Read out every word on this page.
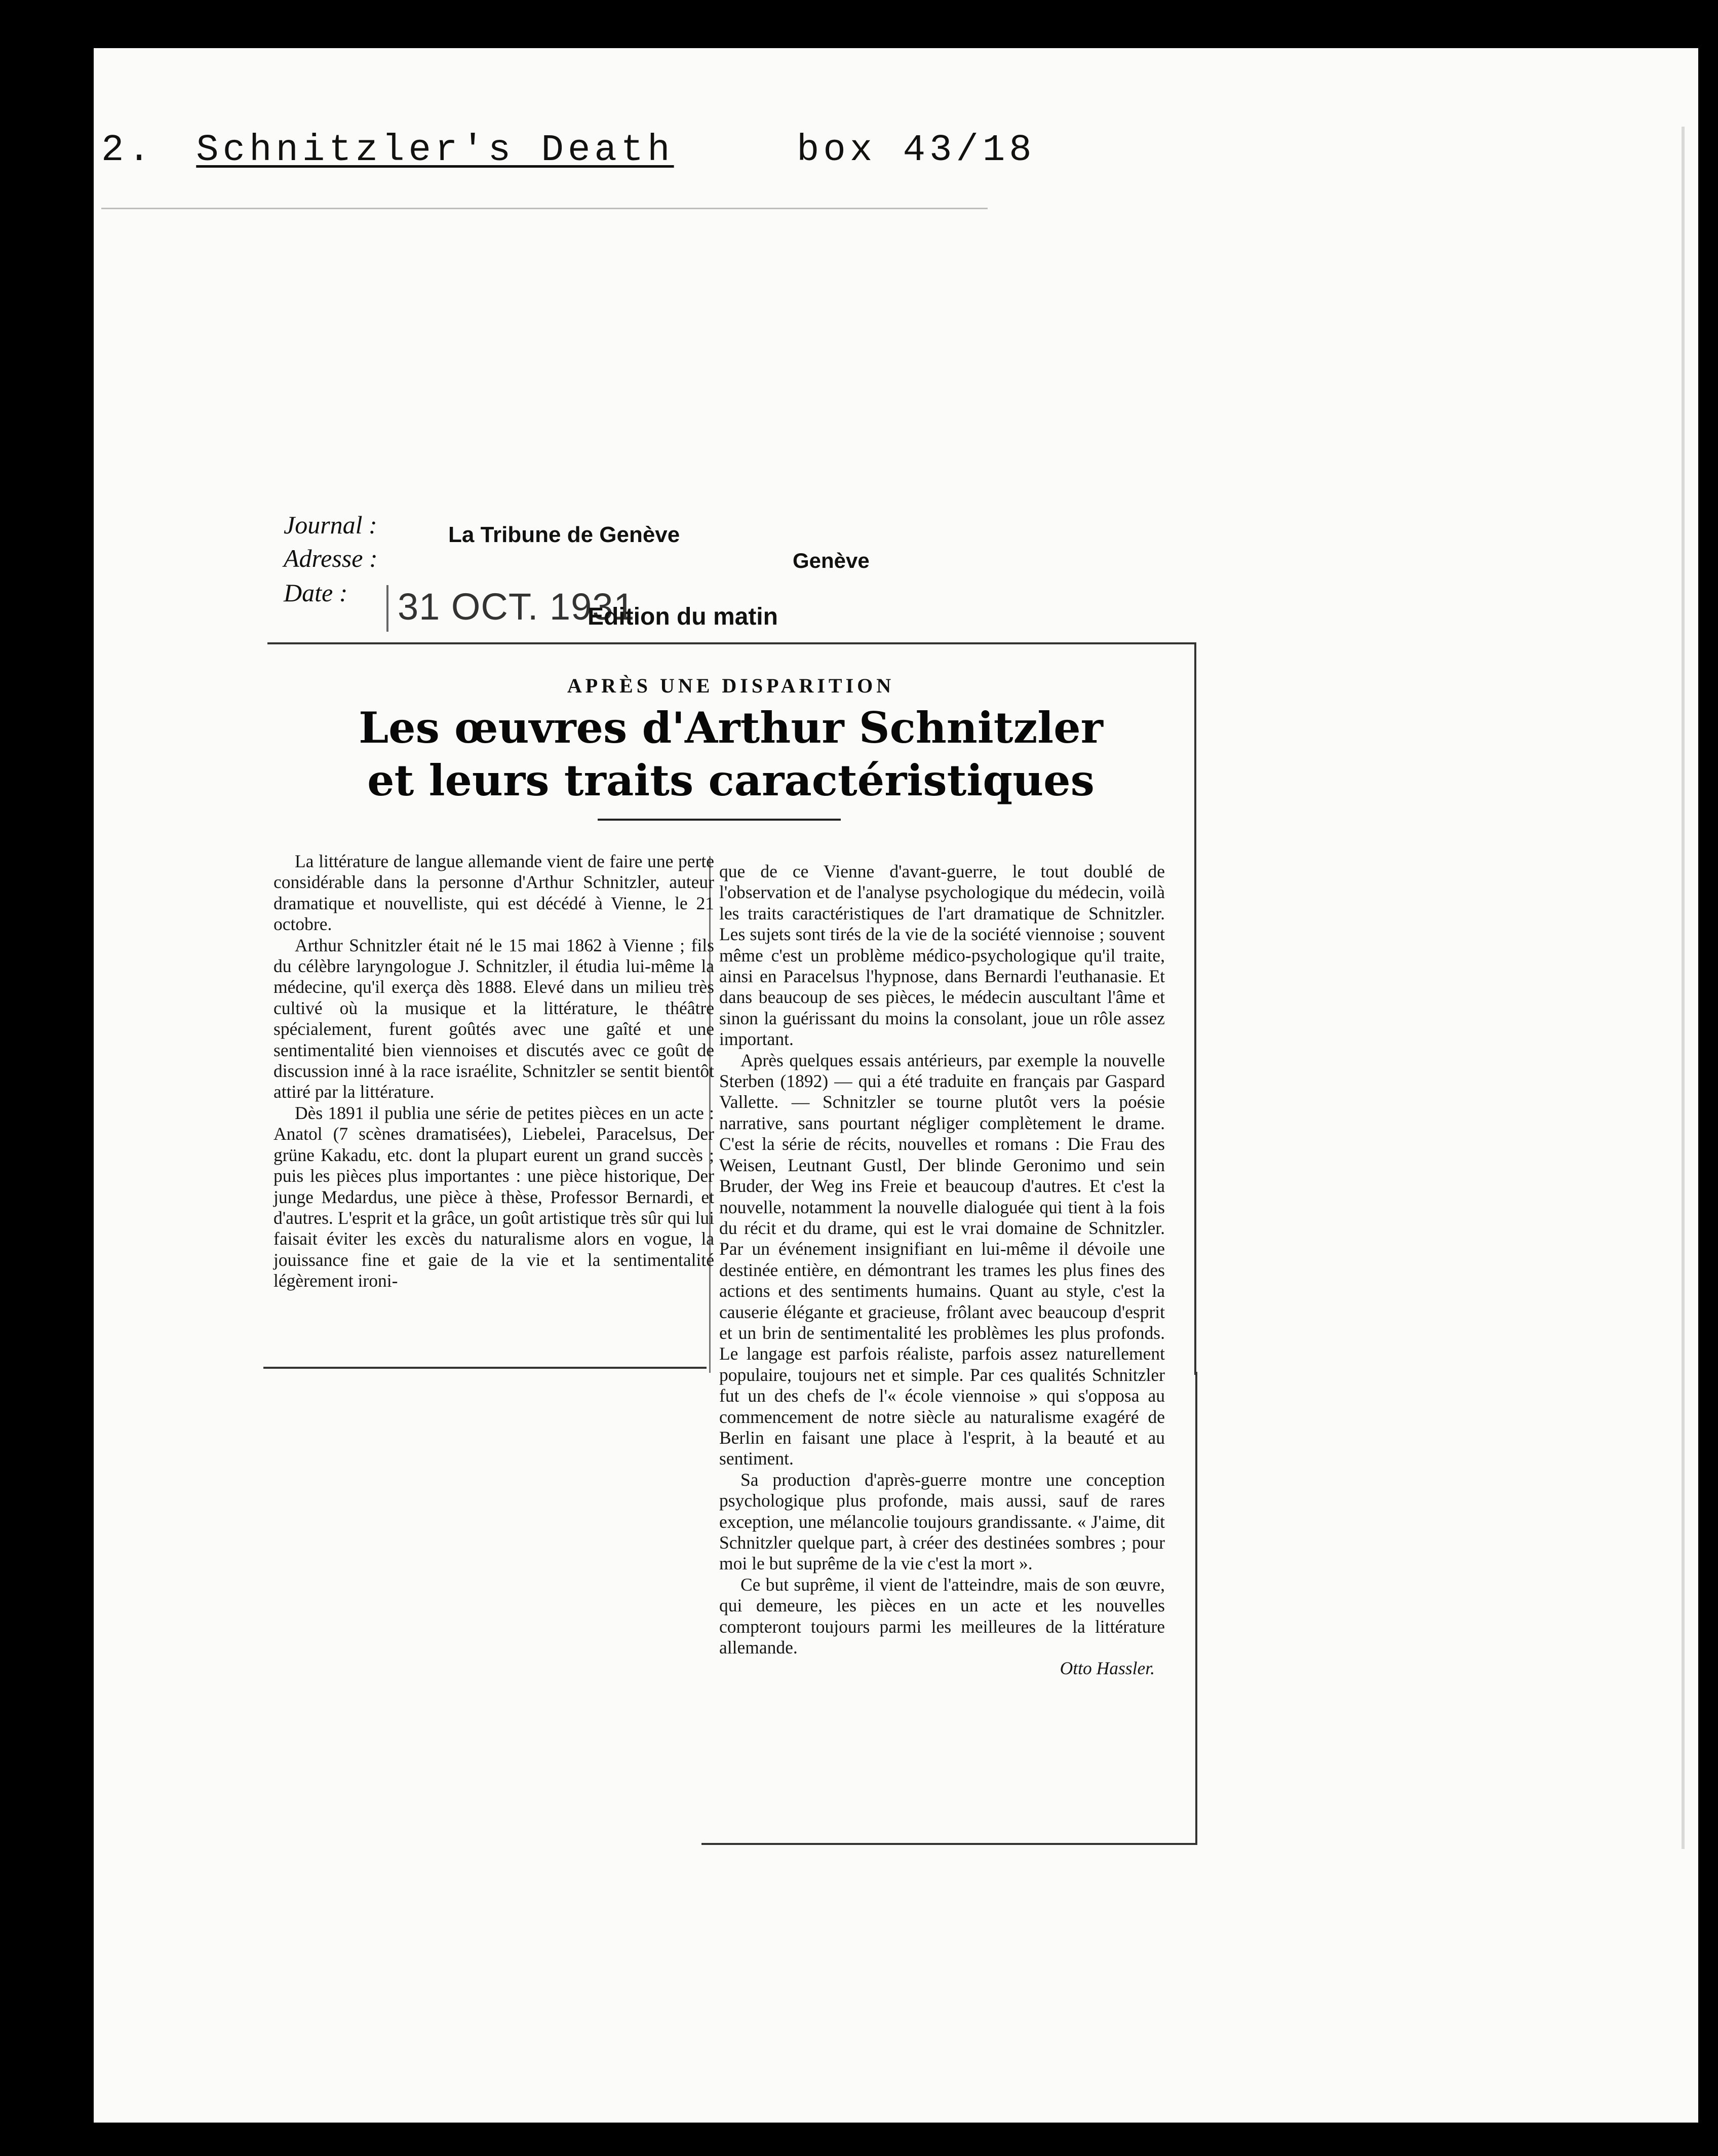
2. Schnitzler's Death	box 43/18
Journal :	La Tribune de Genève
Adresse :	Genève
Date : 31 OCT. 1931
Edition du matin
APRÈS UNE DISPARITION
Les œuvres d'Arthur Schnitzler
et leurs traits caractéristiques

La littérature de langue allemande vient de faire une perte considérable dans la personne d'Arthur Schnitzler, auteur dramatique et nouvelliste, qui est décédé à Vienne, le 21 octobre.

Arthur Schnitzler était né le 15 mai 1862 à Vienne ; fils du célèbre laryngologue J. Schnitzler, il étudia lui-même la médecine, qu'il exerça dès 1888. Elevé dans un milieu très cultivé où la musique et la littérature, le théâtre spécialement, furent goûtés avec une gaîté et une sentimentalité bien viennoises et discutés avec ce goût de discussion inné à la race israélite, Schnitzler se sentit bientôt attiré par la littérature.

Dès 1891 il publia une série de petites pièces en un acte : Anatol (7 scènes dramatisées), Liebelei, Paracelsus, Der grüne Kakadu, etc. dont la plupart eurent un grand succès ; puis les pièces plus importantes : une pièce historique, Der junge Medardus, une pièce à thèse, Professor Bernardi, et d'autres. L'esprit et la grâce, un goût artistique très sûr qui lui faisait éviter les excès du naturalisme alors en vogue, la jouissance fine et gaie de la vie et la sentimentalité légèrement ironi-

que de ce Vienne d'avant-guerre, le tout doublé de l'observation et de l'analyse psychologique du médecin, voilà les traits caractéristiques de l'art dramatique de Schnitzler. Les sujets sont tirés de la vie de la société viennoise ; souvent même c'est un problème médico-psychologique qu'il traite, ainsi en Paracelsus l'hypnose, dans Bernardi l'euthanasie. Et dans beaucoup de ses pièces, le médecin auscultant l'âme et sinon la guérissant du moins la consolant, joue un rôle assez important.

Après quelques essais antérieurs, par exemple la nouvelle Sterben (1892) — qui a été traduite en français par Gaspard Vallette. — Schnitzler se tourne plutôt vers la poésie narrative, sans pourtant négliger complètement le drame. C'est la série de récits, nouvelles et romans : Die Frau des Weisen, Leutnant Gustl, Der blinde Geronimo und sein Bruder, der Weg ins Freie et beaucoup d'autres. Et c'est la nouvelle, notamment la nouvelle dialoguée qui tient à la fois du récit et du drame, qui est le vrai domaine de Schnitzler. Par un événement insignifiant en lui-même il dévoile une destinée entière, en démontrant les trames les plus fines des actions et des sentiments humains. Quant au style, c'est la causerie élégante et gracieuse, frôlant avec beaucoup d'esprit et un brin de sentimentalité les problèmes les plus profonds. Le langage est parfois réaliste, parfois assez naturellement populaire, toujours net et simple. Par ces qualités Schnitzler fut un des chefs de l'« école viennoise » qui s'opposa au commencement de notre siècle au naturalisme exagéré de Berlin en faisant une place à l'esprit, à la beauté et au sentiment.

Sa production d'après-guerre montre une conception psychologique plus profonde, mais aussi, sauf de rares exception, une mélancolie toujours grandissante. « J'aime, dit Schnitzler quelque part, à créer des destinées sombres ; pour moi le but suprême de la vie c'est la mort ».

Ce but suprême, il vient de l'atteindre, mais de son œuvre, qui demeure, les pièces en un acte et les nouvelles compteront toujours parmi les meilleures de la littérature allemande.

Otto Hassler.
